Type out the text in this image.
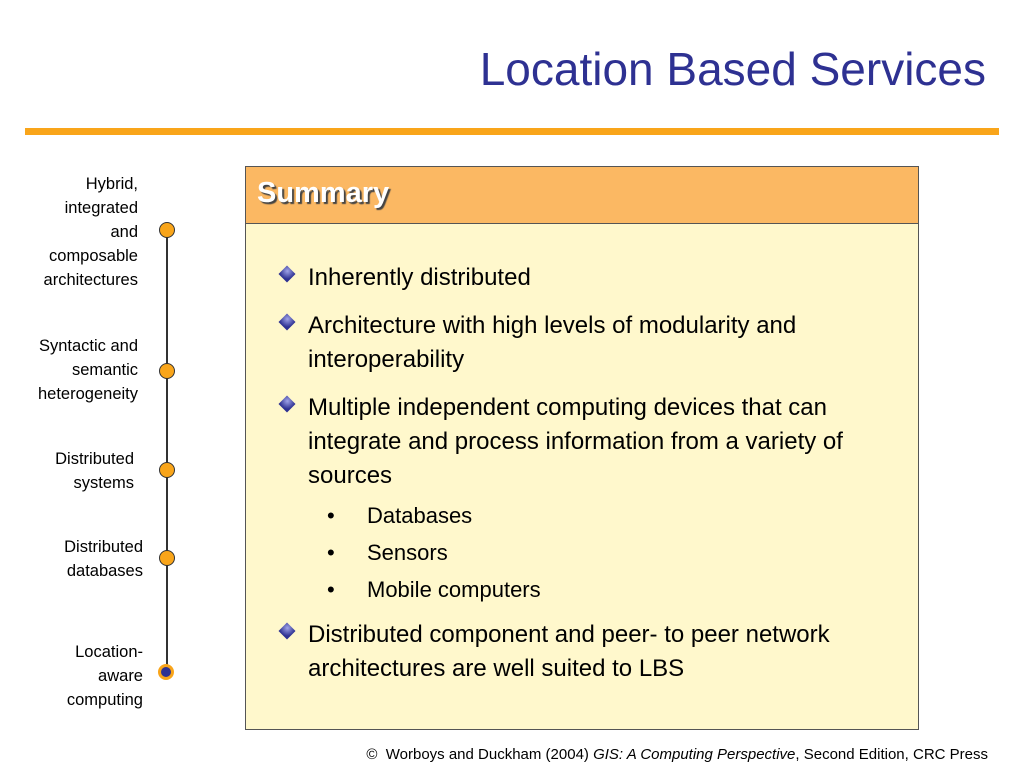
Location Based Services
Hybrid,
integrated
and
composable
architectures
Syntactic and
semantic
heterogeneity
Distributed
systems
Distributed
databases
Location-
aware
computing
Summary
Inherently distributed
Architecture with high levels of modularity and interoperability
Multiple independent computing devices that can integrate and process information from a variety of sources
• Databases
• Sensors
• Mobile computers
Distributed component and peer- to peer network architectures are well suited to LBS
© Worboys and Duckham (2004) GIS: A Computing Perspective, Second Edition, CRC Press
